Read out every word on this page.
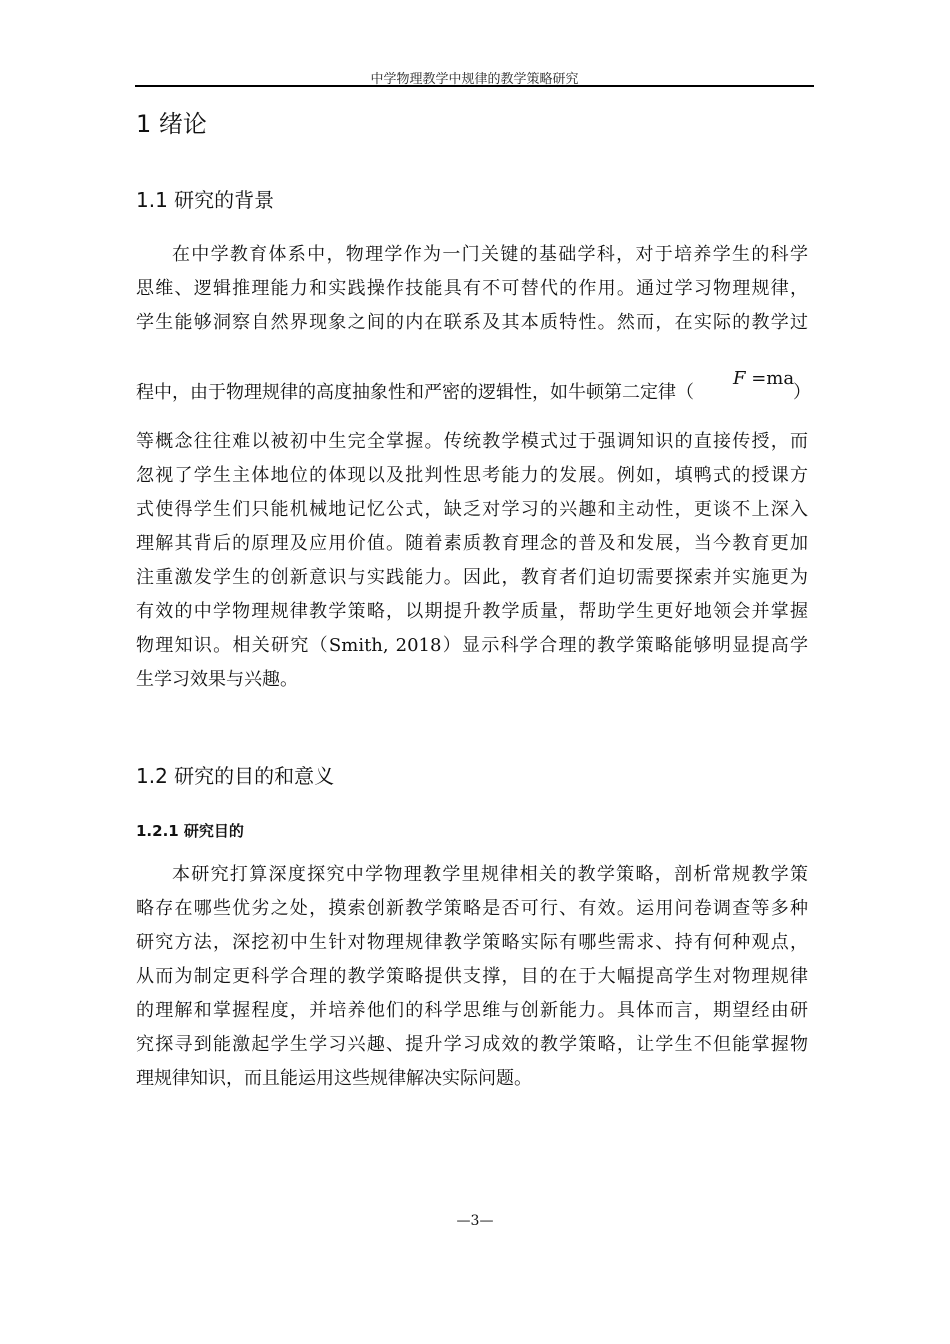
中学物理教学中规律的教学策略研究
1 绪论
1.1 研究的背景
在中学教育体系中，物理学作为一门关键的基础学科，对于培养学生的科学
思维、逻辑推理能力和实践操作技能具有不可替代的作用。通过学习物理规律，
学生能够洞察自然界现象之间的内在联系及其本质特性。然而，在实际的教学过
程中，由于物理规律的高度抽象性和严密的逻辑性，如牛顿第二定律（
F =ma
）
等概念往往难以被初中生完全掌握。传统教学模式过于强调知识的直接传授，而
忽视了学生主体地位的体现以及批判性思考能力的发展。例如，填鸭式的授课方
式使得学生们只能机械地记忆公式，缺乏对学习的兴趣和主动性，更谈不上深入
理解其背后的原理及应用价值。随着素质教育理念的普及和发展，当今教育更加
注重激发学生的创新意识与实践能力。因此，教育者们迫切需要探索并实施更为
有效的中学物理规律教学策略，以期提升教学质量，帮助学生更好地领会并掌握
物理知识。相关研究（Smith, 2018）显示科学合理的教学策略能够明显提高学
生学习效果与兴趣。
1.2 研究的目的和意义
1.2.1 研究目的
本研究打算深度探究中学物理教学里规律相关的教学策略，剖析常规教学策
略存在哪些优劣之处，摸索创新教学策略是否可行、有效。运用问卷调查等多种
研究方法，深挖初中生针对物理规律教学策略实际有哪些需求、持有何种观点，
从而为制定更科学合理的教学策略提供支撑，目的在于大幅提高学生对物理规律
的理解和掌握程度，并培养他们的科学思维与创新能力。具体而言，期望经由研
究探寻到能激起学生学习兴趣、提升学习成效的教学策略，让学生不但能掌握物
理规律知识，而且能运用这些规律解决实际问题。
—3—
